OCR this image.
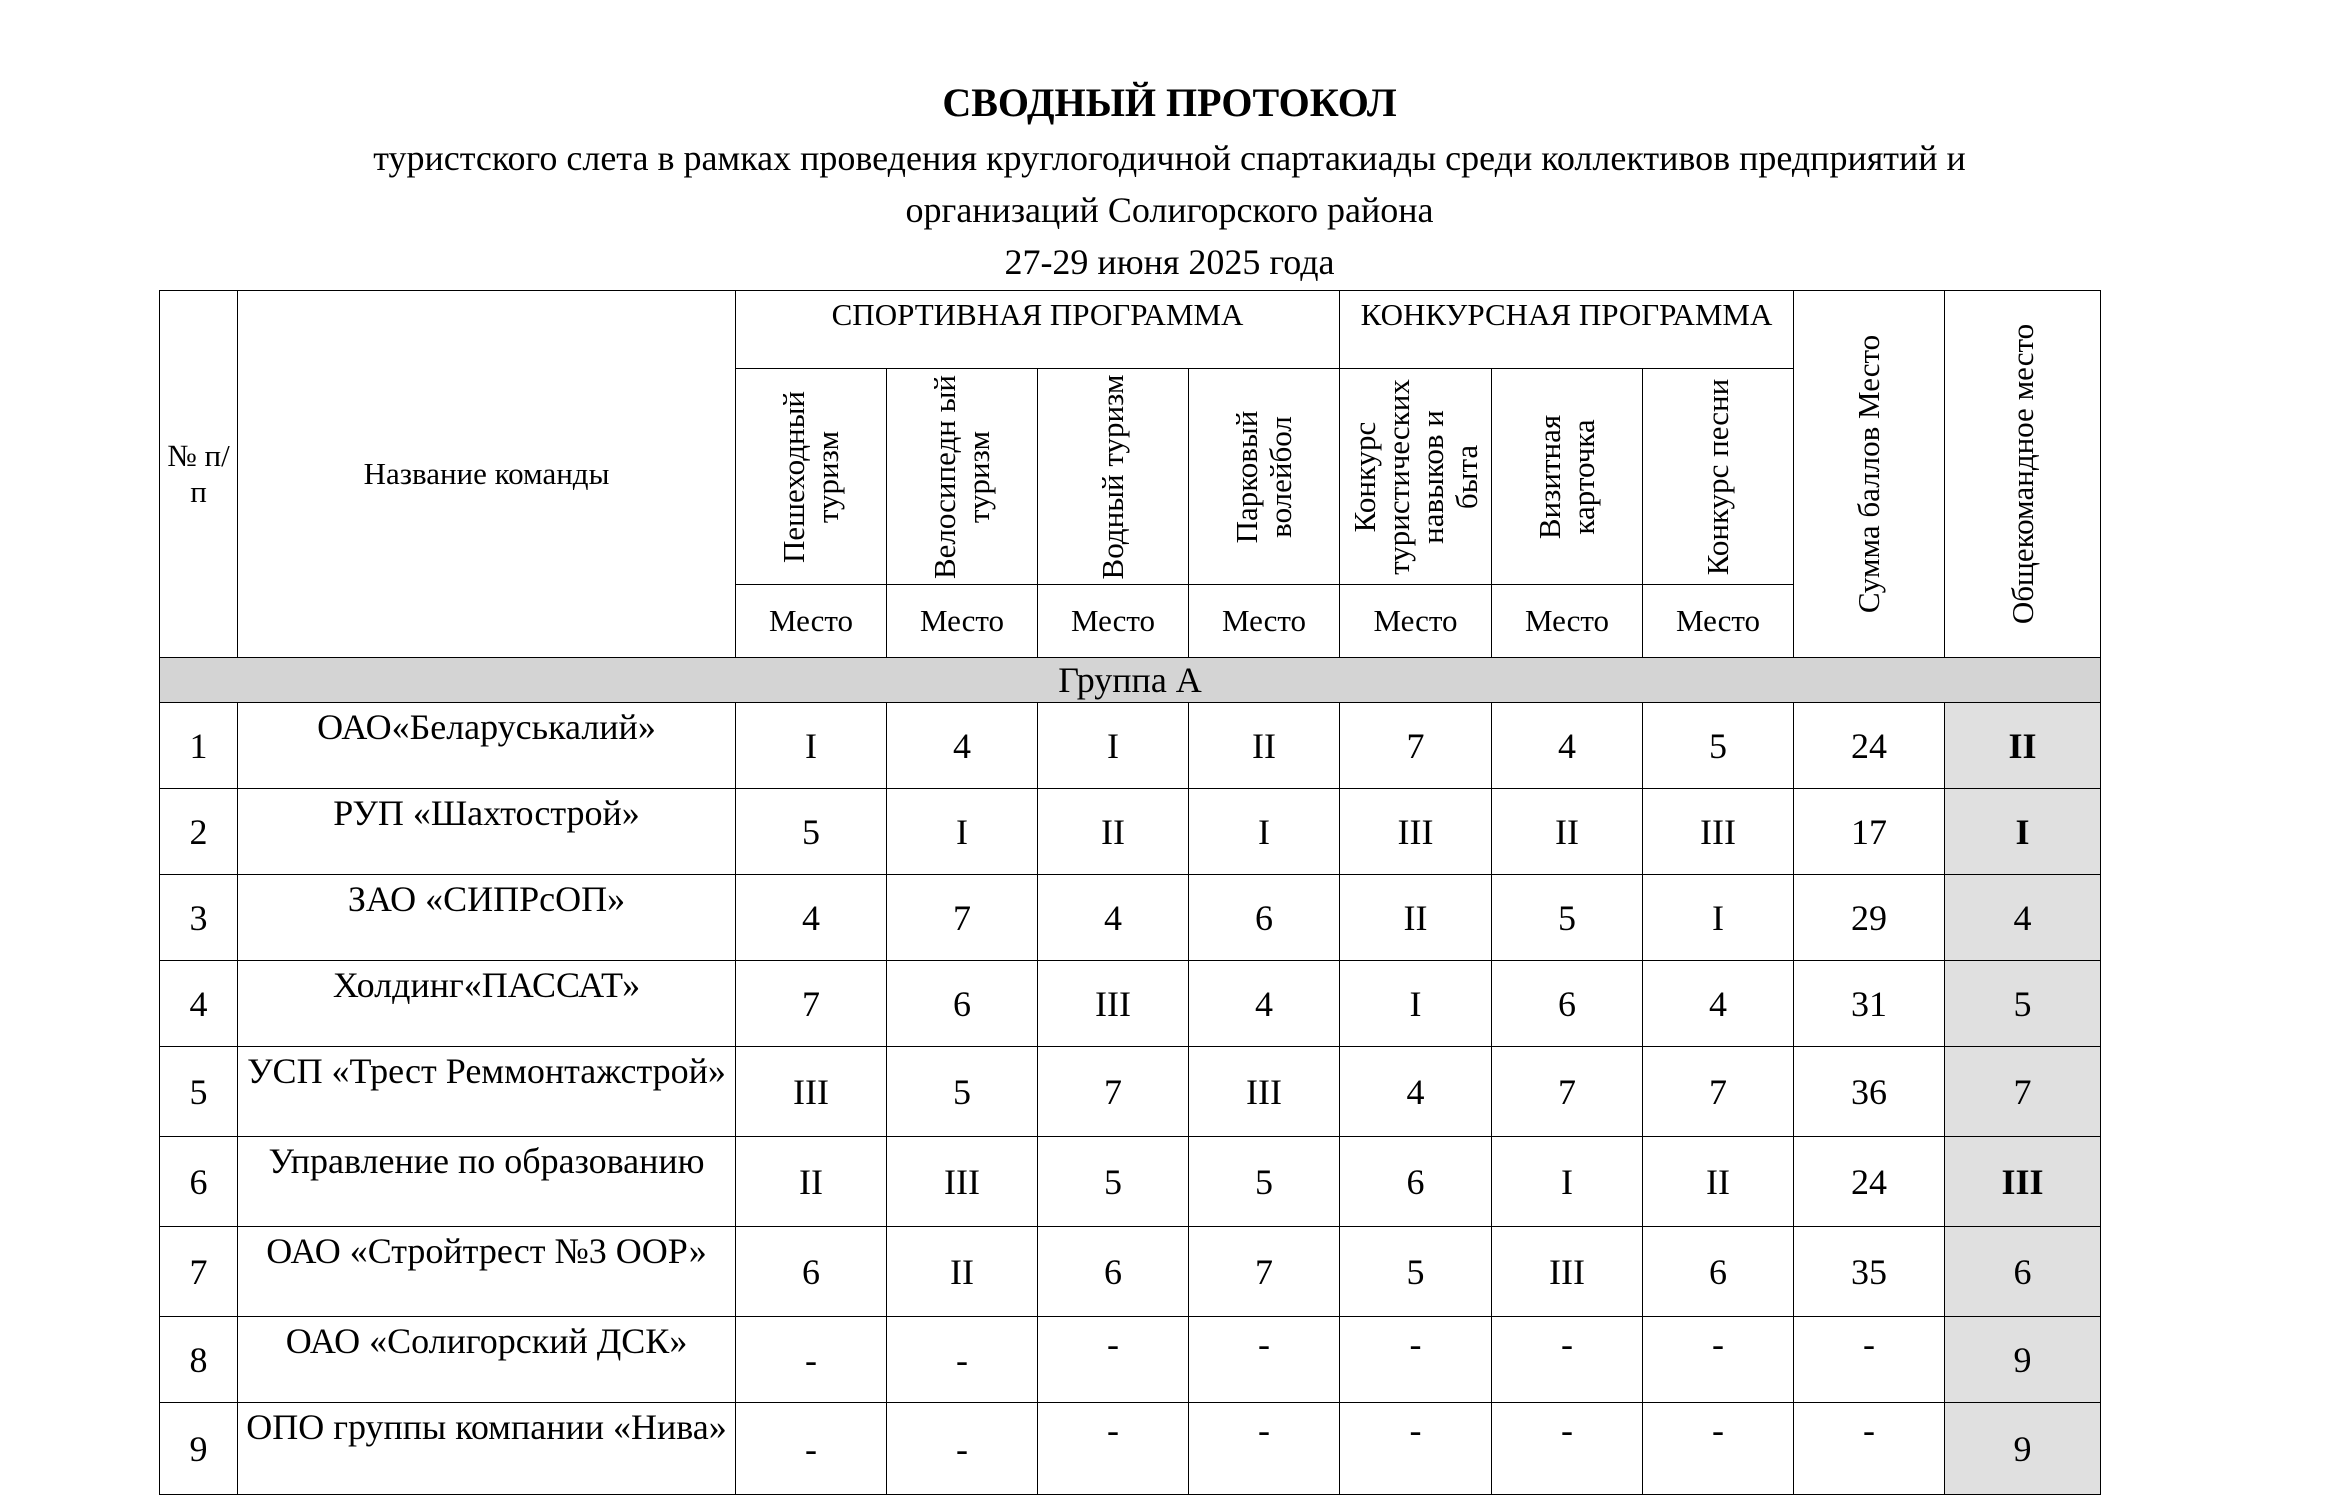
СВОДНЫЙ ПРОТОКОЛ
туристского слета в рамках проведения круглогодичной спартакиады среди коллективов предприятий и
организаций Солигорского района
27-29 июня 2025 года
№ п/п	Название команды	СПОРТИВНАЯ ПРОГРАММА				КОНКУРСНАЯ ПРОГРАММА			Сумма баллов Место	Общекомандное место

		Пешеходный туризм	Велосипедн ый туризм	Водный туризм	Парковый волейбол	Конкурс туристических навыков и быта	Визитная карточка	Конкурс песни		

		Место	Место	Место	Место	Место	Место	Место		
Группа А										
1	ОАО«Беларуськалий»	I	4	I	II	7	4	5	24	II
2	РУП «Шахтострой»	5	I	II	I	III	II	III	17	I
3	ЗАО «СИПРсОП»	4	7	4	6	II	5	I	29	4
4	Холдинг«ПАССАТ»	7	6	III	4	I	6	4	31	5
5	УСП «Трест Реммонтажстрой»	III	5	7	III	4	7	7	36	7
6	Управление по образованию	II	III	5	5	6	I	II	24	III
7	ОАО «Стройтрест №3 ООР»	6	II	6	7	5	III	6	35	6
8	ОАО «Солигорский ДСК»	-	-	-	-	-	-	-	-	9
9	ОПО группы компании «Нива»	-	-	-	-	-	-	-	-	9
